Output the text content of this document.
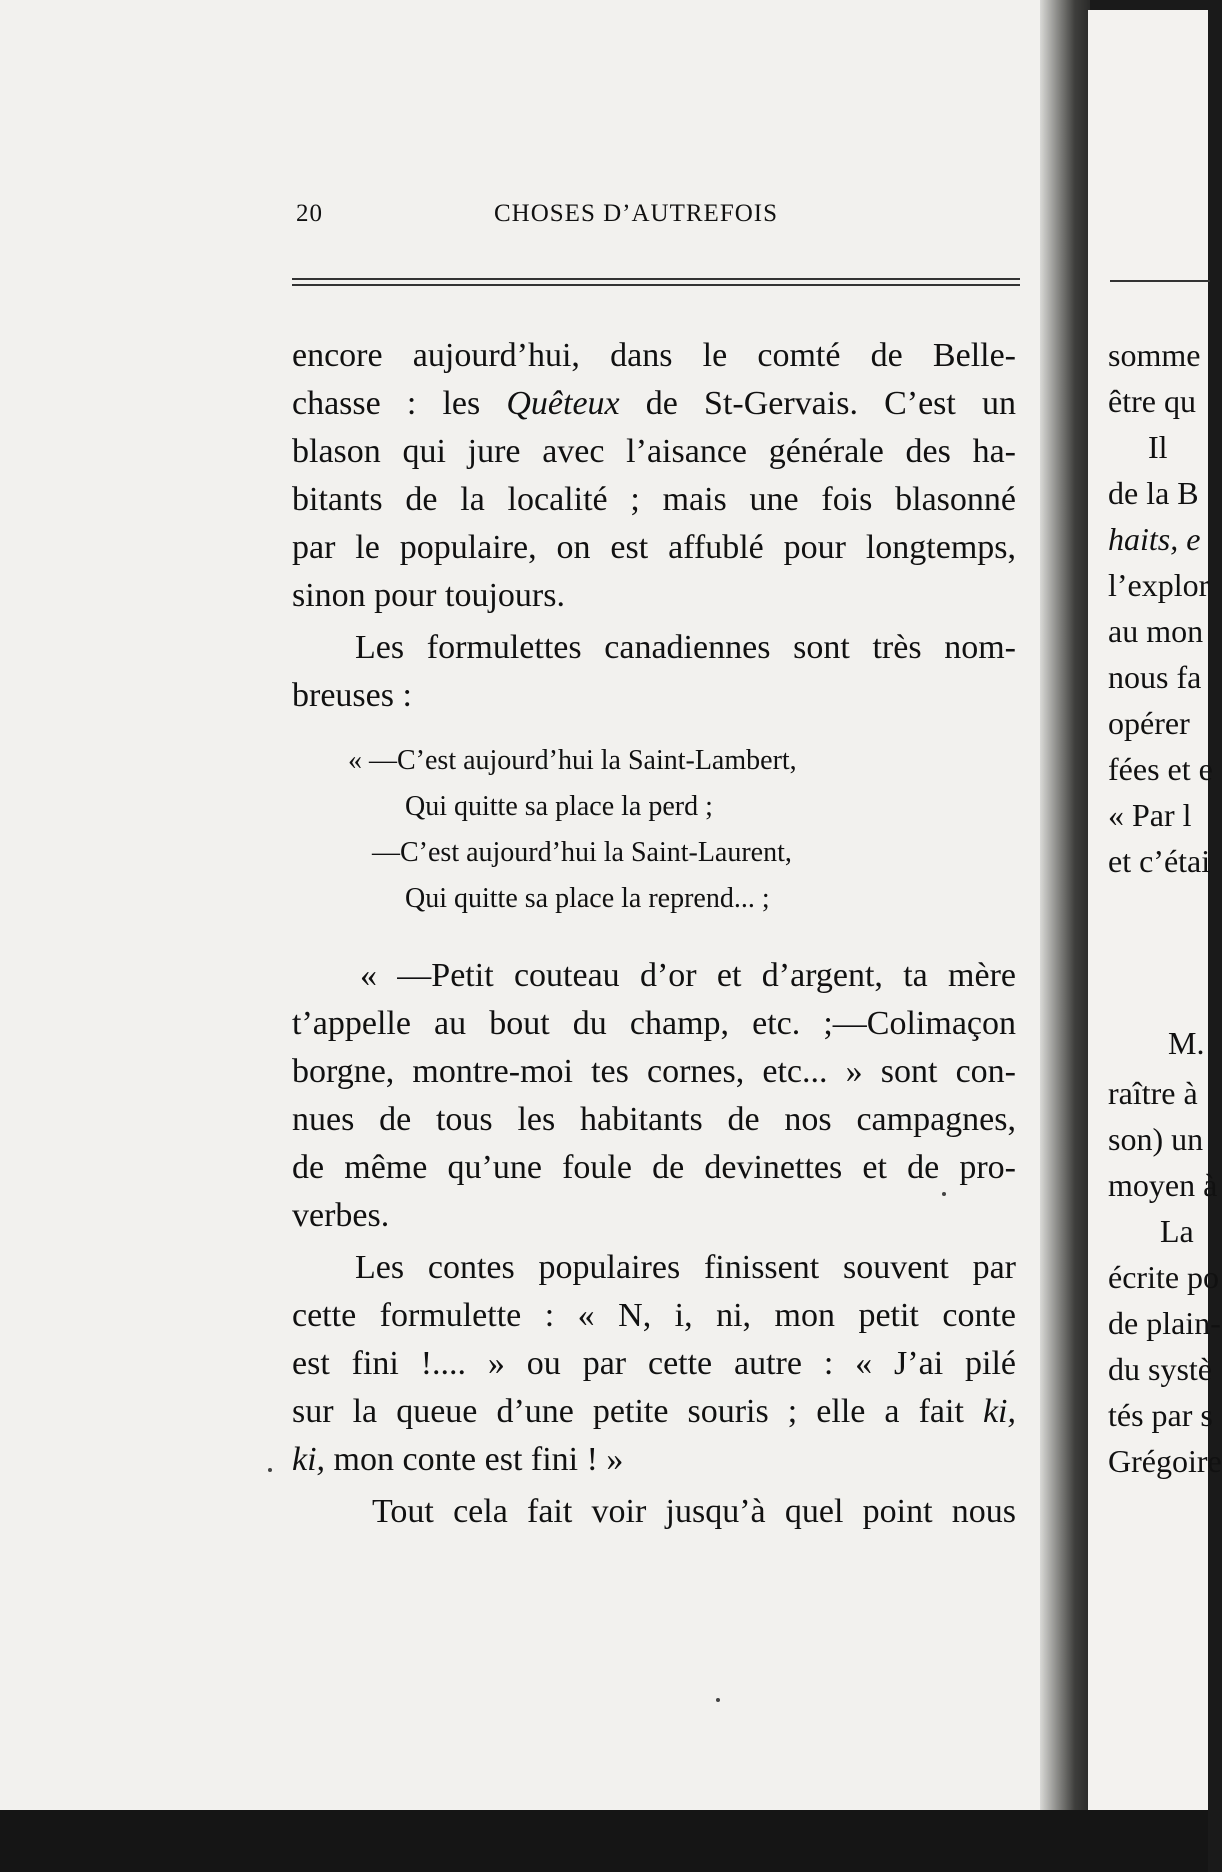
20	CHOSES D’AUTREFOIS
encore aujourd’hui, dans le comté de Belle-
chasse : les Quêteux de St-Gervais. C’est un
blason qui jure avec l’aisance générale des ha-
bitants de la localité ; mais une fois blasonné
par le populaire, on est affublé pour longtemps,
sinon pour toujours.
Les formulettes canadiennes sont très nom-
breuses :
« —C’est aujourd’hui la Saint-Lambert,
Qui quitte sa place la perd ;
—C’est aujourd’hui la Saint-Laurent,
Qui quitte sa place la reprend... ;
« —Petit couteau d’or et d’argent, ta mère
t’appelle au bout du champ, etc. ;—Colimaçon
borgne, montre-moi tes cornes, etc... » sont con-
nues de tous les habitants de nos campagnes,
de même qu’une foule de devinettes et de pro-
verbes.
Les contes populaires finissent souvent par
cette formulette : « N, i, ni, mon petit conte
est fini !.... » ou par cette autre : « J’ai pilé
sur la queue d’une petite souris ; elle a fait ki,
ki, mon conte est fini ! »
Tout cela fait voir jusqu’à quel point nous
somme
être qu
Il
de la B
haits, e
l’explor
au mon
nous fa
opérer
fées et e
« Par l
et c’étai
M.
raître à
son) un
moyen à
La
écrite po
de plain-
du systè
tés par s
Grégoire
